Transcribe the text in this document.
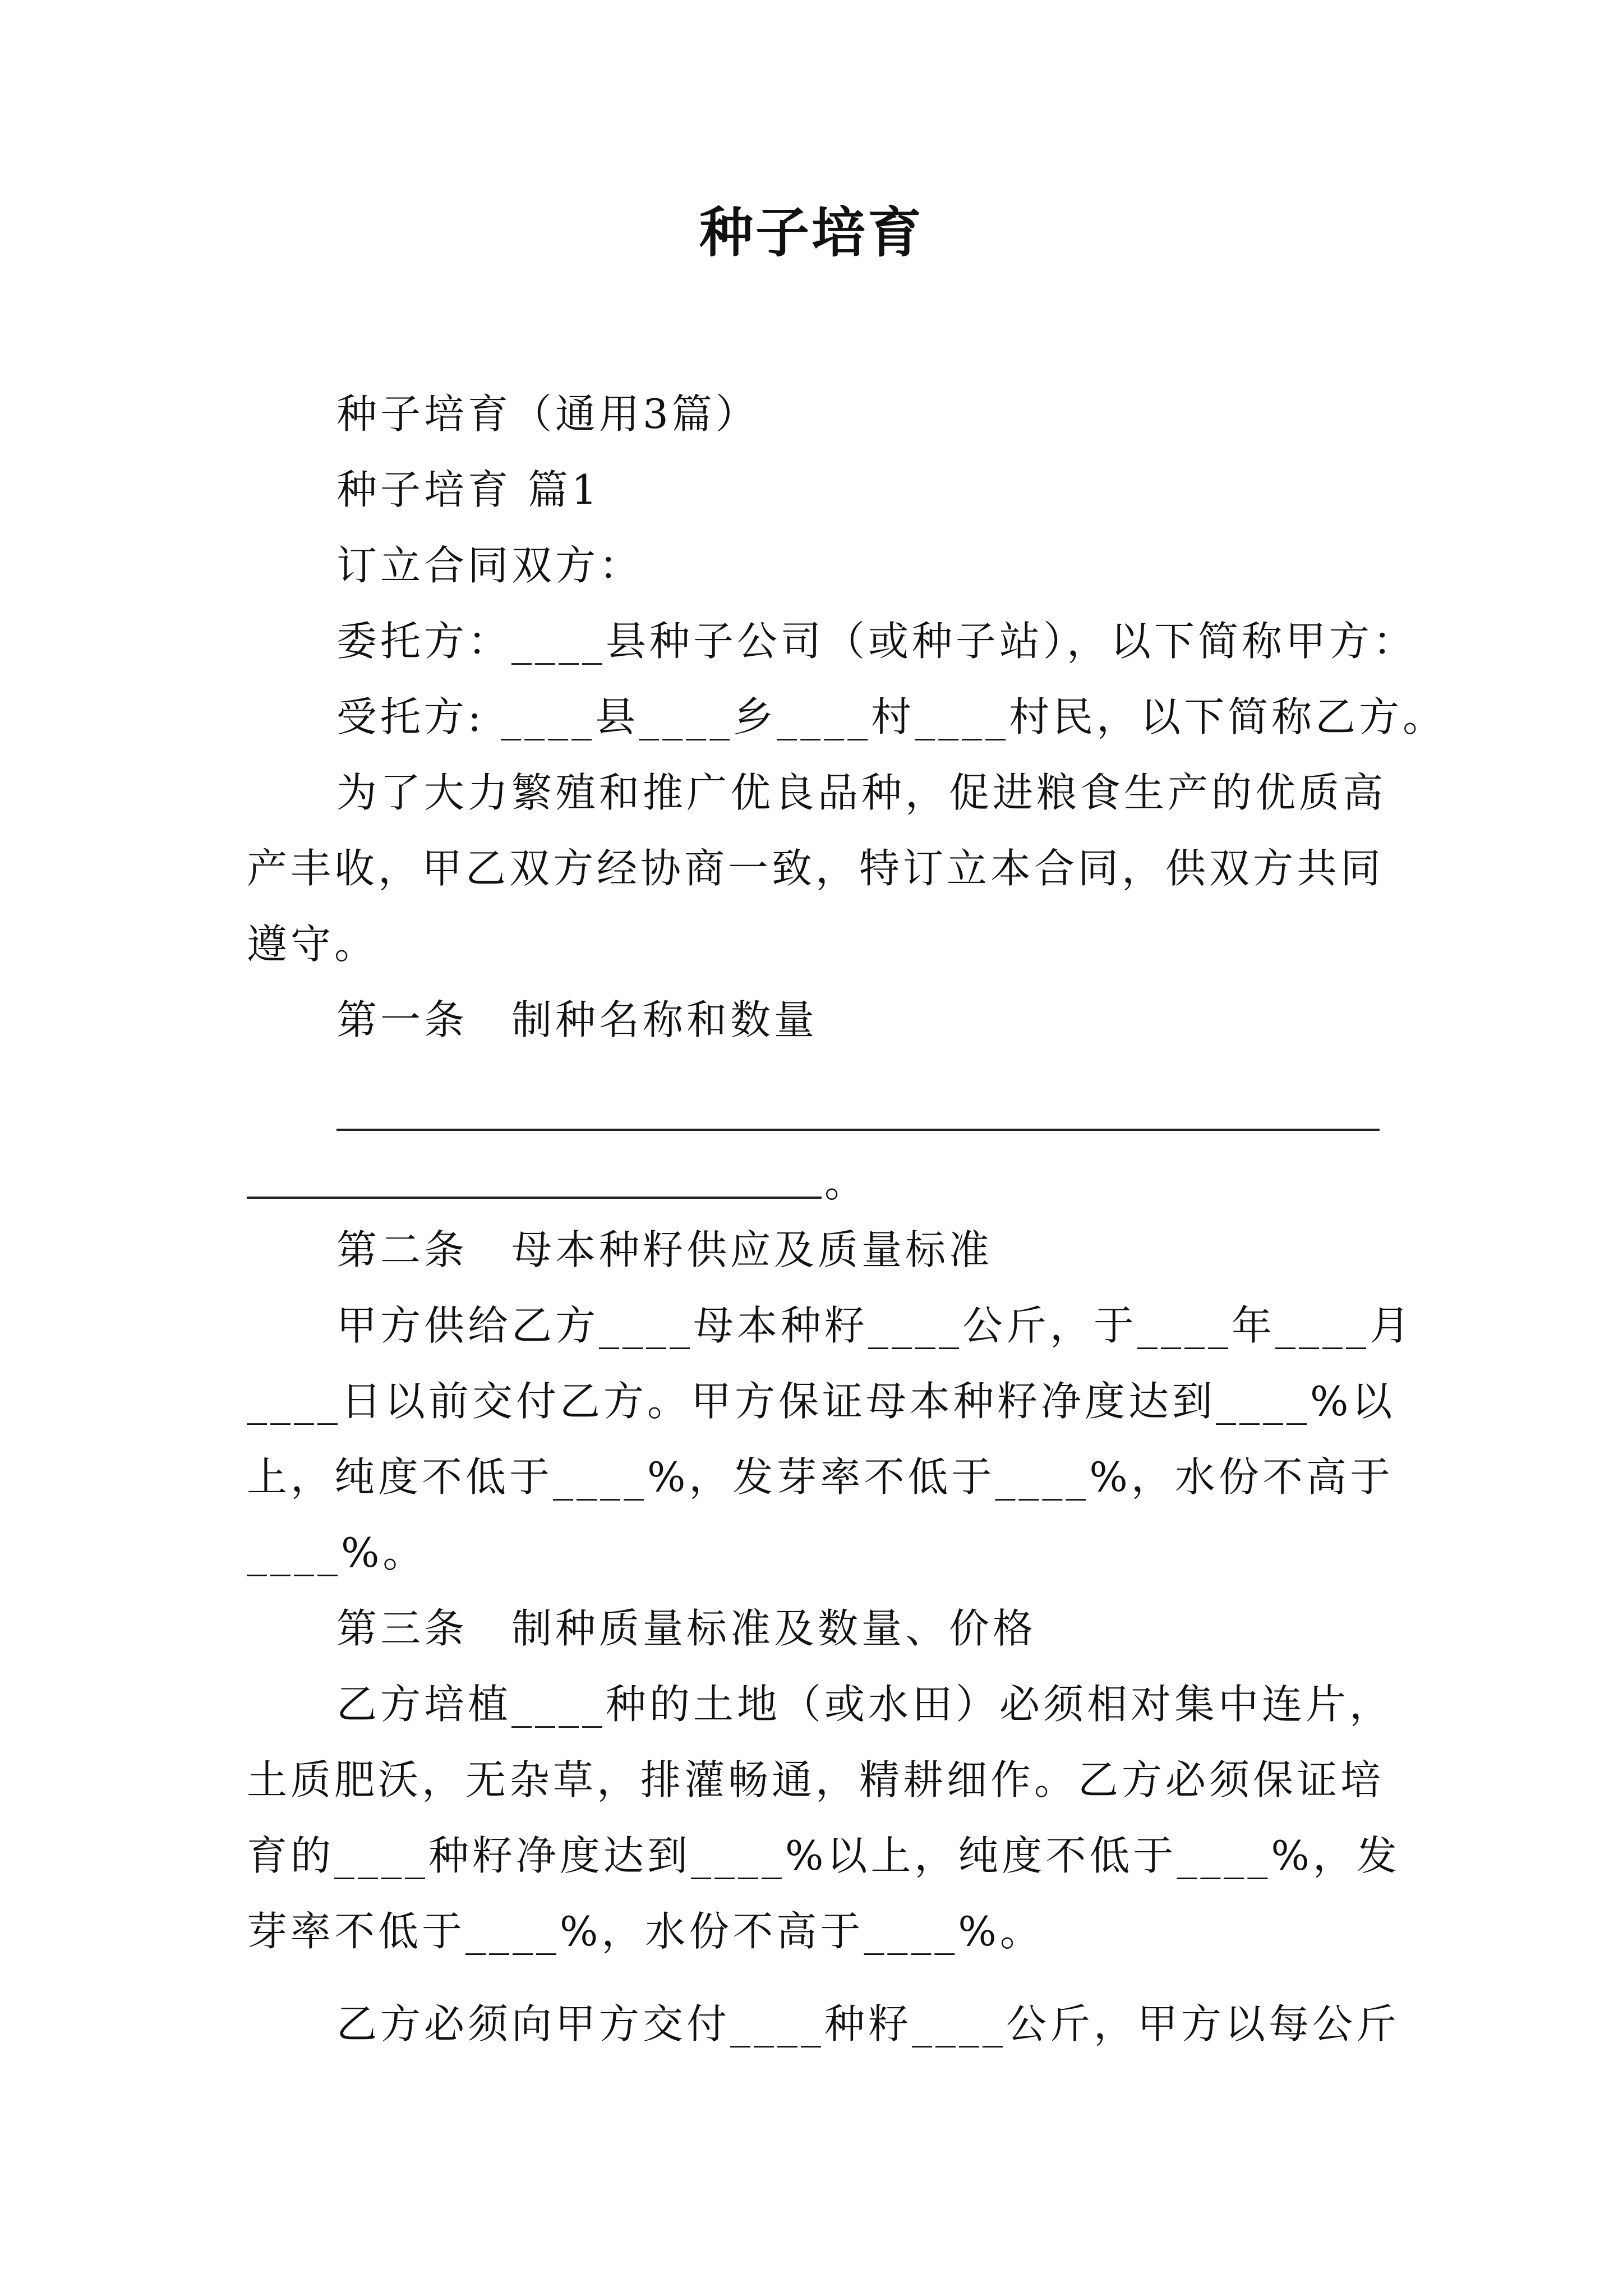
种子培育
种子培育（通用3篇）
种子培育 篇1
订立合同双方：
委托方：____县种子公司（或种子站），以下简称甲方：
受托方: ____县____乡____村____村民，以下简称乙方。
为了大力繁殖和推广优良品种，促进粮食生产的优质高
产丰收，甲乙双方经协商一致，特订立本合同，供双方共同
遵守。
第一条　制种名称和数量
。
第二条　母本种籽供应及质量标准
甲方供给乙方____母本种籽____公斤，于____年____月
____日以前交付乙方。甲方保证母本种籽净度达到____%以
上，纯度不低于____%，发芽率不低于____%，水份不高于
____%。
第三条　制种质量标准及数量、价格
乙方培植____种的土地（或水田）必须相对集中连片，
土质肥沃，无杂草，排灌畅通，精耕细作。乙方必须保证培
育的____种籽净度达到____%以上，纯度不低于____%，发
芽率不低于____%，水份不高于____%。
乙方必须向甲方交付____种籽____公斤，甲方以每公斤
